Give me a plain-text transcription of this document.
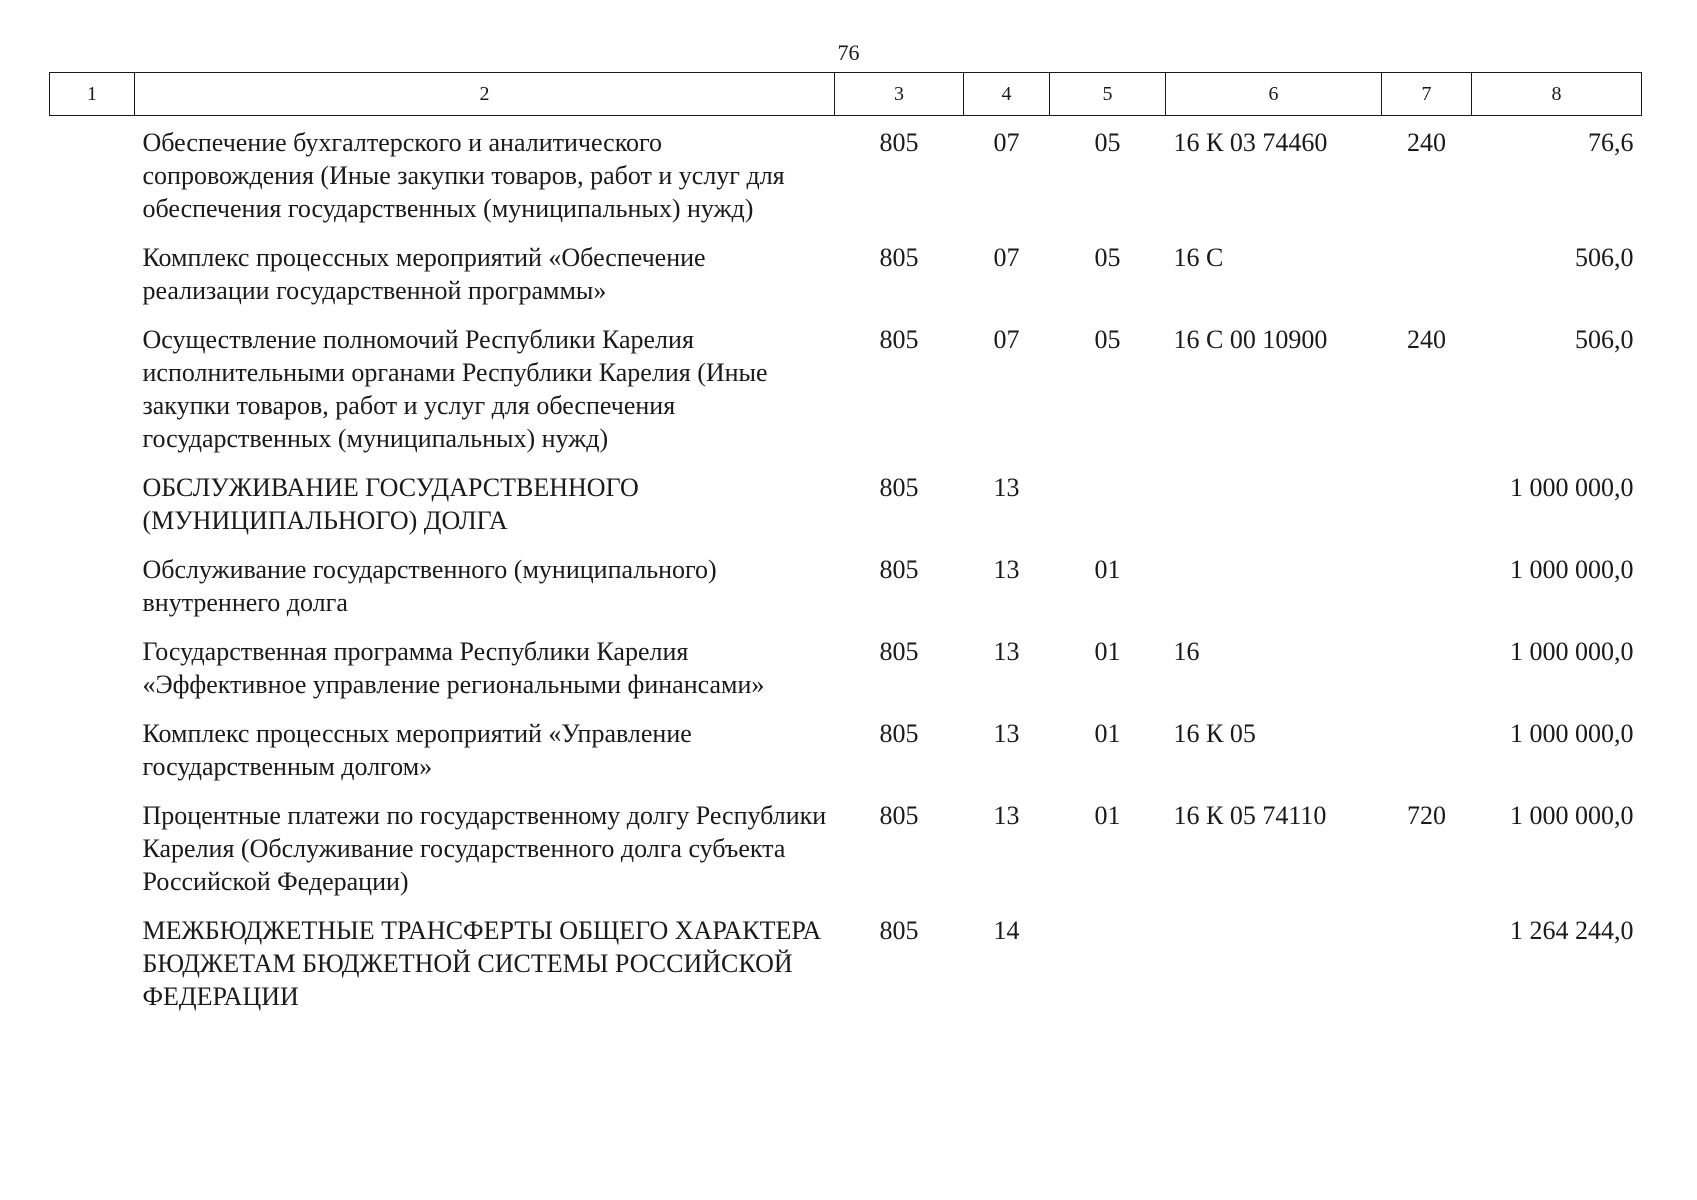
76
1	2	3	4	5	6	7	8
	Обеспечение бухгалтерского и аналитического сопровождения (Иные закупки товаров, работ и услуг для обеспечения государственных (муниципальных) нужд)	805	07	05	16 К 03 74460	240	76,6
	Комплекс процессных мероприятий «Обеспечение реализации государственной программы»	805	07	05	16 С		506,0
	Осуществление полномочий Республики Карелия исполнительными органами Республики Карелия (Иные закупки товаров, работ и услуг для обеспечения государственных (муниципальных) нужд)	805	07	05	16 С 00 10900	240	506,0
	ОБСЛУЖИВАНИЕ ГОСУДАРСТВЕННОГО (МУНИЦИПАЛЬНОГО) ДОЛГА	805	13				1 000 000,0
	Обслуживание государственного (муниципального) внутреннего долга	805	13	01			1 000 000,0
	Государственная программа Республики Карелия «Эффективное управление региональными финансами»	805	13	01	16		1 000 000,0
	Комплекс процессных мероприятий «Управление государственным долгом»	805	13	01	16 К 05		1 000 000,0
	Процентные платежи по государственному долгу Республики Карелия (Обслуживание государственного долга субъекта Российской Федерации)	805	13	01	16 К 05 74110	720	1 000 000,0
	МЕЖБЮДЖЕТНЫЕ ТРАНСФЕРТЫ ОБЩЕГО ХАРАКТЕРА БЮДЖЕТАМ БЮДЖЕТНОЙ СИСТЕМЫ РОССИЙСКОЙ ФЕДЕРАЦИИ	805	14				1 264 244,0
